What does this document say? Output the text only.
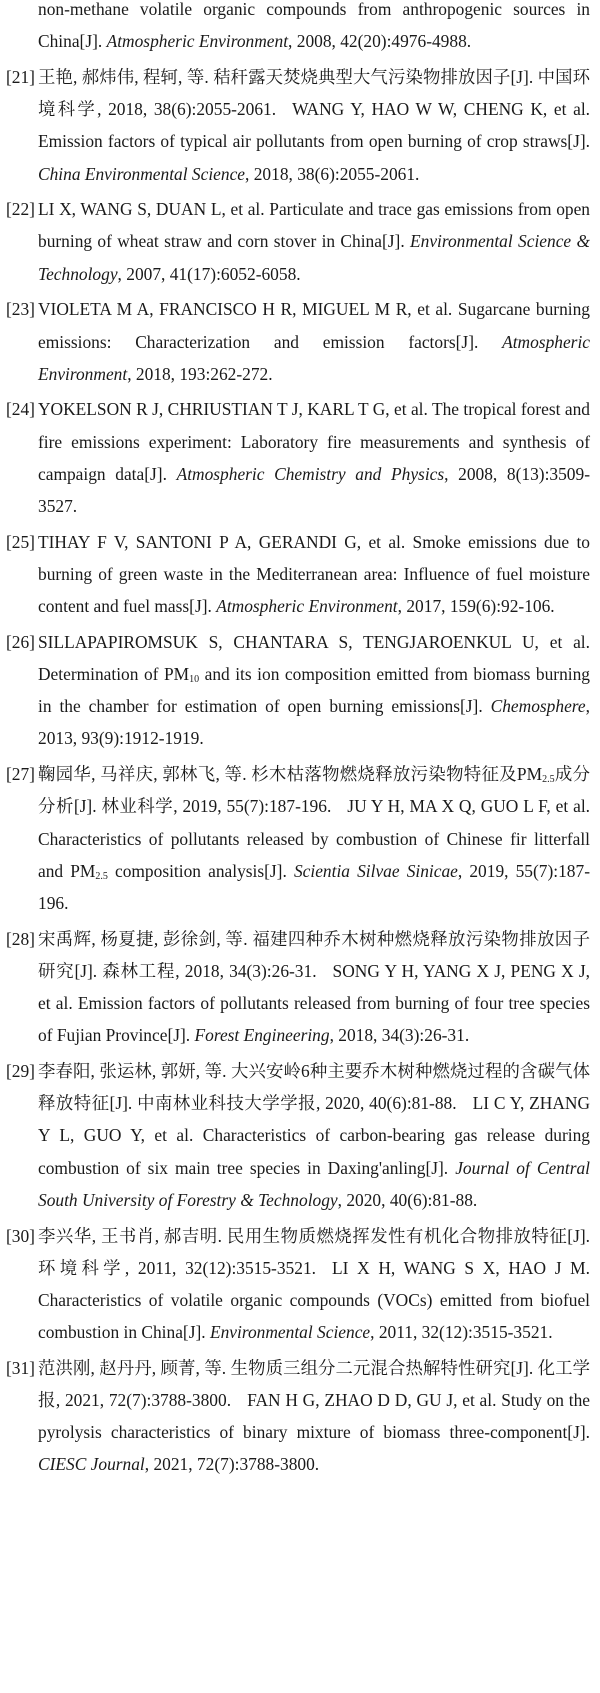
non-methane volatile organic compounds from anthropogenic sources in China[J]. Atmospheric Environment, 2008, 42(20):4976-4988.
[21] 王艳, 郝炜伟, 程轲, 等. 秸秆露天焚烧典型大气污染物排放因子[J]. 中国环境科学, 2018, 38(6):2055-2061. WANG Y, HAO W W, CHENG K, et al. Emission factors of typical air pollutants from open burning of crop straws[J]. China Environmental Science, 2018, 38(6):2055-2061.
[22] LI X, WANG S, DUAN L, et al. Particulate and trace gas emissions from open burning of wheat straw and corn stover in China[J]. Environmental Science & Technology, 2007, 41(17):6052-6058.
[23] VIOLETA M A, FRANCISCO H R, MIGUEL M R, et al. Sugarcane burning emissions: Characterization and emission factors[J]. Atmospheric Environment, 2018, 193:262-272.
[24] YOKELSON R J, CHRIUSTIAN T J, KARL T G, et al. The tropical forest and fire emissions experiment: Laboratory fire measurements and synthesis of campaign data[J]. Atmospheric Chemistry and Physics, 2008, 8(13):3509-3527.
[25] TIHAY F V, SANTONI P A, GERANDI G, et al. Smoke emissions due to burning of green waste in the Mediterranean area: Influence of fuel moisture content and fuel mass[J]. Atmospheric Environment, 2017, 159(6):92-106.
[26] SILLAPAPIROMSUK S, CHANTARA S, TENGJAROENKUL U, et al. Determination of $PM_{10}$ and its ion composition emitted from biomass burning in the chamber for estimation of open burning emissions[J]. Chemosphere, 2013, 93(9):1912-1919.
[27] 鞠园华, 马祥庆, 郭林飞, 等. 杉木枯落物燃烧释放污染物特征及$PM_{2.5}$成分分析[J]. 林业科学, 2019, 55(7):187-196. JU Y H, MA X Q, GUO L F, et al. Characteristics of pollutants released by combustion of Chinese fir litterfall and $PM_{2.5}$ composition analysis[J]. Scientia Silvae Sinicae, 2019, 55(7):187-196.
[28] 宋禹辉, 杨夏捷, 彭徐剑, 等. 福建四种乔木树种燃烧释放污染物排放因子研究[J]. 森林工程, 2018, 34(3):26-31. SONG Y H, YANG X J, PENG X J, et al. Emission factors of pollutants released from burning of four tree species of Fujian Province[J]. Forest Engineering, 2018, 34(3):26-31.
[29] 李春阳, 张运林, 郭妍, 等. 大兴安岭6种主要乔木树种燃烧过程的含碳气体释放特征[J]. 中南林业科技大学学报, 2020, 40(6):81-88. LI C Y, ZHANG Y L, GUO Y, et al. Characteristics of carbon-bearing gas release during combustion of six main tree species in Daxing'anling[J]. Journal of Central South University of Forestry & Technology, 2020, 40(6):81-88.
[30] 李兴华, 王书肖, 郝吉明. 民用生物质燃烧挥发性有机化合物排放特征[J]. 环境科学, 2011, 32(12):3515-3521. LI X H, WANG S X, HAO J M. Characteristics of volatile organic compounds (VOCs) emitted from biofuel combustion in China[J]. Environmental Science, 2011, 32(12):3515-3521.
[31] 范洪刚, 赵丹丹, 顾菁, 等. 生物质三组分二元混合热解特性研究[J]. 化工学报, 2021, 72(7):3788-3800. FAN H G, ZHAO D D, GU J, et al. Study on the pyrolysis characteristics of binary mixture of biomass three-component[J]. CIESC Journal, 2021, 72(7):3788-3800.
